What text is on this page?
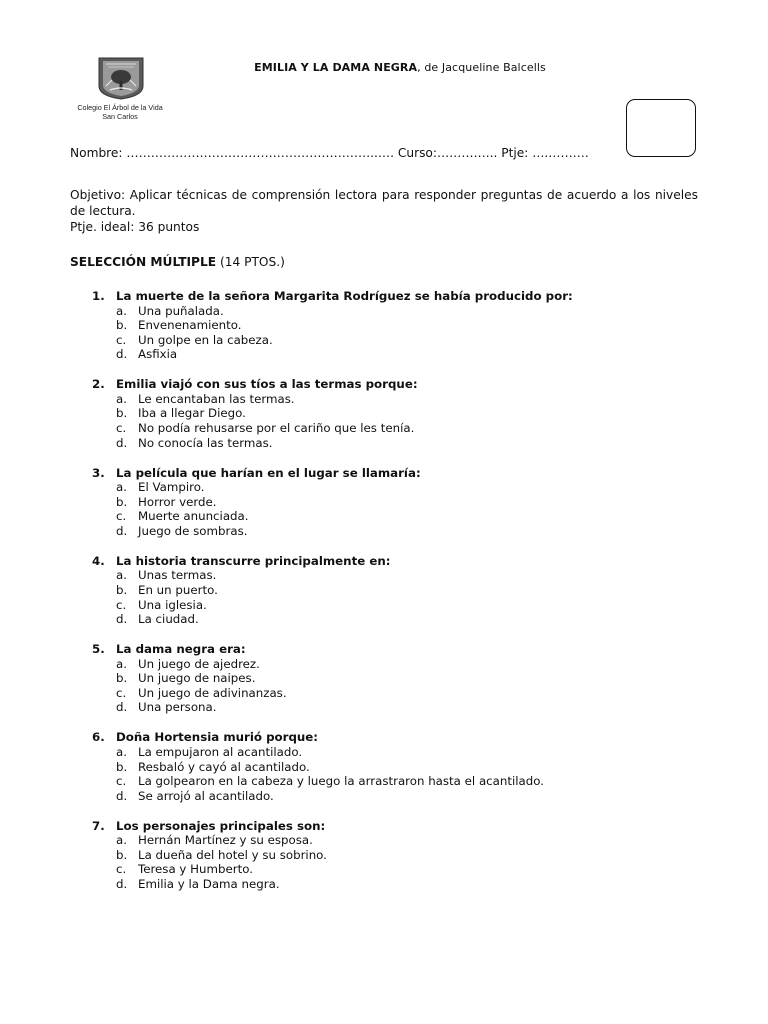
Colegio El Árbol de la Vida
San Carlos
EMILIA Y LA DAMA NEGRA, de Jacqueline Balcells
Nombre: ……………………………………………………..…. Curso:…………... Ptje: ….……….

Objetivo: Aplicar técnicas de comprensión lectora para responder preguntas de acuerdo a los niveles de lectura.

Ptje. ideal: 36 puntos

SELECCIÓN MÚLTIPLE (14 PTOS.)
1. La muerte de la señora Margarita Rodríguez se había producido por:
a. Una puñalada.
b. Envenenamiento.
c. Un golpe en la cabeza.
d. Asfixia
2. Emilia viajó con sus tíos a las termas porque:
a. Le encantaban las termas.
b. Iba a llegar Diego.
c. No podía rehusarse por el cariño que les tenía.
d. No conocía las termas.
3. La película que harían en el lugar se llamaría:
a. El Vampiro.
b. Horror verde.
c. Muerte anunciada.
d. Juego de sombras.
4. La historia transcurre principalmente en:
a. Unas termas.
b. En un puerto.
c. Una iglesia.
d. La ciudad.
5. La dama negra era:
a. Un juego de ajedrez.
b. Un juego de naipes.
c. Un juego de adivinanzas.
d. Una persona.
6. Doña Hortensia murió porque:
a. La empujaron al acantilado.
b. Resbaló y cayó al acantilado.
c. La golpearon en la cabeza y luego la arrastraron hasta el acantilado.
d. Se arrojó al acantilado.
7. Los personajes principales son:
a. Hernán Martínez y su esposa.
b. La dueña del hotel y su sobrino.
c. Teresa y Humberto.
d. Emilia y la Dama negra.
